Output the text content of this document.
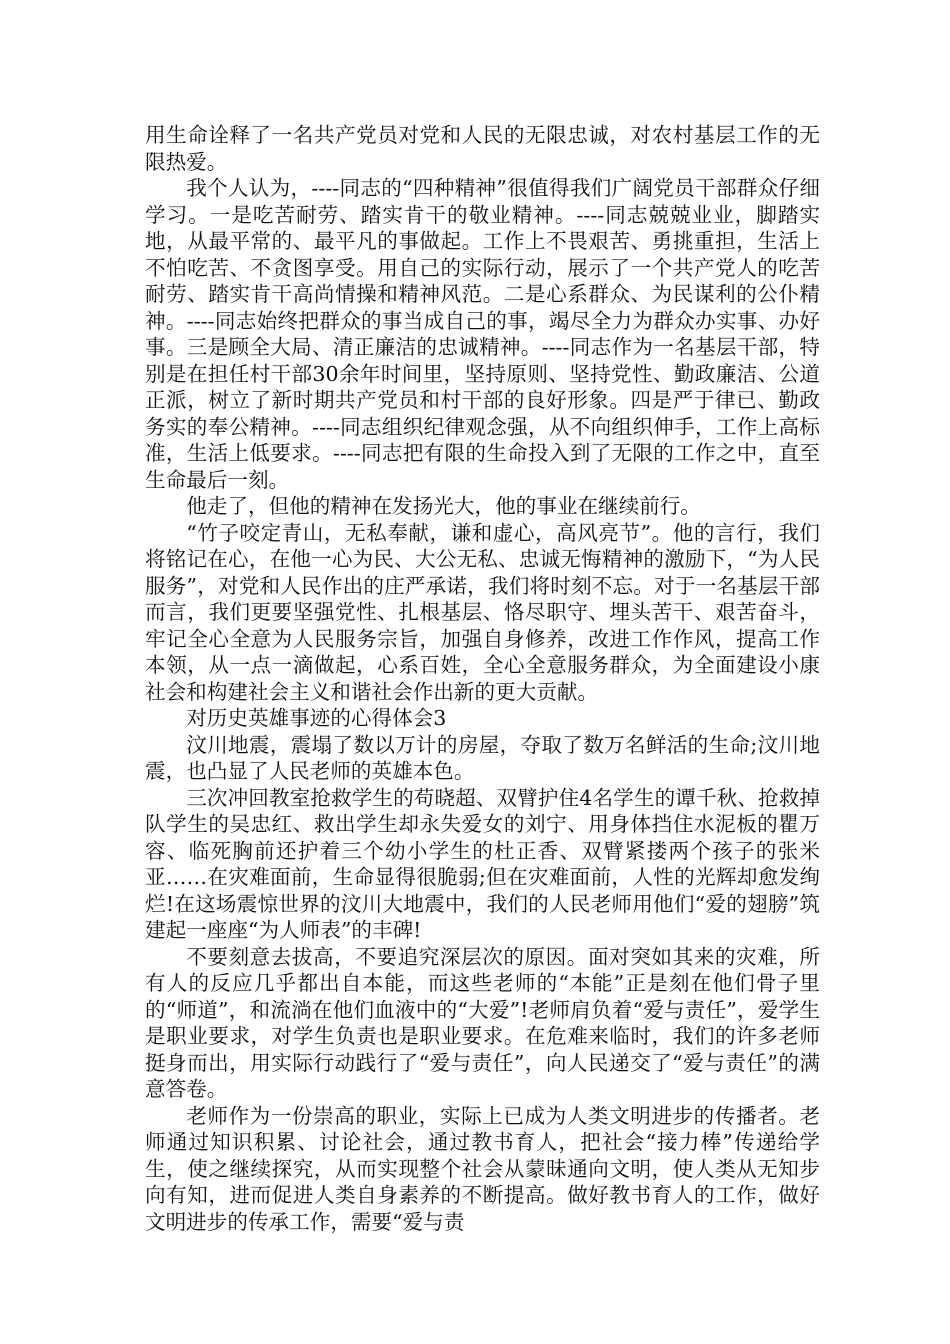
用生命诠释了一名共产党员对党和人民的无限忠诚，对农村基层工作的无限热爱。

我个人认为，----同志的“四种精神”很值得我们广阔党员干部群众仔细学习。一是吃苦耐劳、踏实肯干的敬业精神。----同志兢兢业业，脚踏实地，从最平常的、最平凡的事做起。工作上不畏艰苦、勇挑重担，生活上不怕吃苦、不贪图享受。用自己的实际行动，展示了一个共产党人的吃苦耐劳、踏实肯干高尚情操和精神风范。二是心系群众、为民谋利的公仆精神。----同志始终把群众的事当成自己的事，竭尽全力为群众办实事、办好事。三是顾全大局、清正廉洁的忠诚精神。----同志作为一名基层干部，特别是在担任村干部30余年时间里，坚持原则、坚持党性、勤政廉洁、公道正派，树立了新时期共产党员和村干部的良好形象。四是严于律已、勤政务实的奉公精神。----同志组织纪律观念强，从不向组织伸手，工作上高标准，生活上低要求。----同志把有限的生命投入到了无限的工作之中，直至生命最后一刻。

他走了，但他的精神在发扬光大，他的事业在继续前行。

“竹子咬定青山，无私奉献，谦和虚心，高风亮节”。他的言行，我们将铭记在心，在他一心为民、大公无私、忠诚无悔精神的激励下，“为人民服务”，对党和人民作出的庄严承诺，我们将时刻不忘。对于一名基层干部而言，我们更要坚强党性、扎根基层、恪尽职守、埋头苦干、艰苦奋斗，牢记全心全意为人民服务宗旨，加强自身修养，改进工作作风，提高工作本领，从一点一滴做起，心系百姓，全心全意服务群众，为全面建设小康社会和构建社会主义和谐社会作出新的更大贡献。

对历史英雄事迹的心得体会3

汶川地震，震塌了数以万计的房屋，夺取了数万名鲜活的生命;汶川地震，也凸显了人民老师的英雄本色。

三次冲回教室抢救学生的苟晓超、双臂护住4名学生的谭千秋、抢救掉队学生的吴忠红、救出学生却永失爱女的刘宁、用身体挡住水泥板的瞿万容、临死胸前还护着三个幼小学生的杜正香、双臂紧搂两个孩子的张米亚……在灾难面前，生命显得很脆弱;但在灾难面前，人性的光辉却愈发绚烂!在这场震惊世界的汶川大地震中，我们的人民老师用他们“爱的翅膀”筑建起一座座“为人师表”的丰碑!

不要刻意去拔高，不要追究深层次的原因。面对突如其来的灾难，所有人的反应几乎都出自本能，而这些老师的“本能”正是刻在他们骨子里的“师道”，和流淌在他们血液中的“大爱”!老师肩负着“爱与责任”，爱学生是职业要求，对学生负责也是职业要求。在危难来临时，我们的许多老师挺身而出，用实际行动践行了“爱与责任”，向人民递交了“爱与责任”的满意答卷。

老师作为一份崇高的职业，实际上已成为人类文明进步的传播者。老师通过知识积累、讨论社会，通过教书育人，把社会“接力棒”传递给学生，使之继续探究，从而实现整个社会从蒙昧通向文明，使人类从无知步向有知，进而促进人类自身素养的不断提高。做好教书育人的工作，做好文明进步的传承工作，需要“爱与责
